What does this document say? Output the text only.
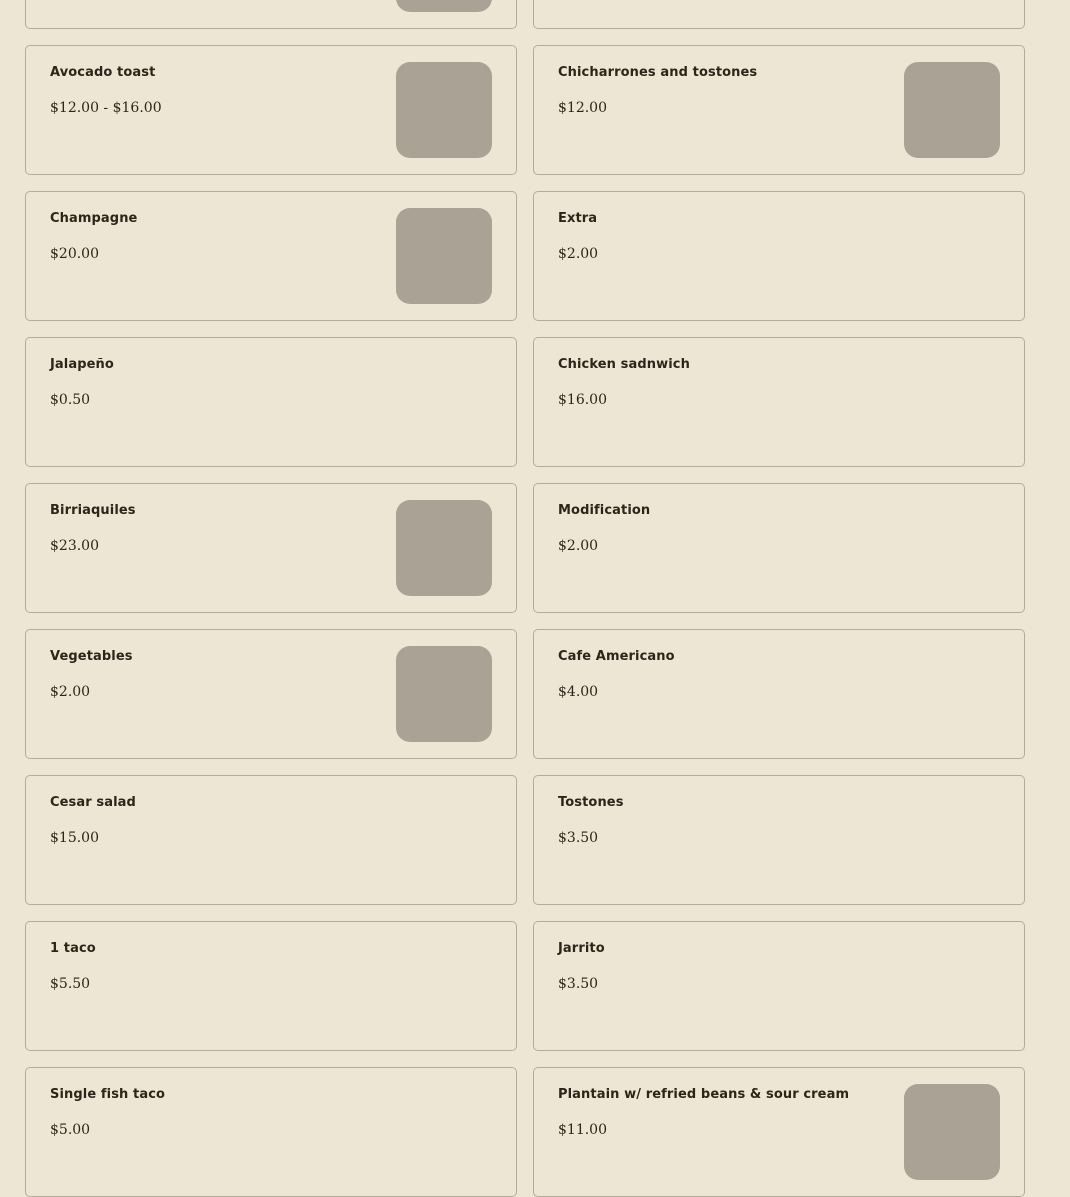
Avocado toast
$12.00 - $16.00
Chicharrones and tostones
$12.00
Champagne
$20.00
Extra
$2.00
Jalapeño
$0.50
Chicken sadnwich
$16.00
Birriaquiles
$23.00
Modification
$2.00
Vegetables
$2.00
Cafe Americano
$4.00
Cesar salad
$15.00
Tostones
$3.50
1 taco
$5.50
Jarrito
$3.50
Single fish taco
$5.00
Plantain w/ refried beans & sour cream
$11.00
